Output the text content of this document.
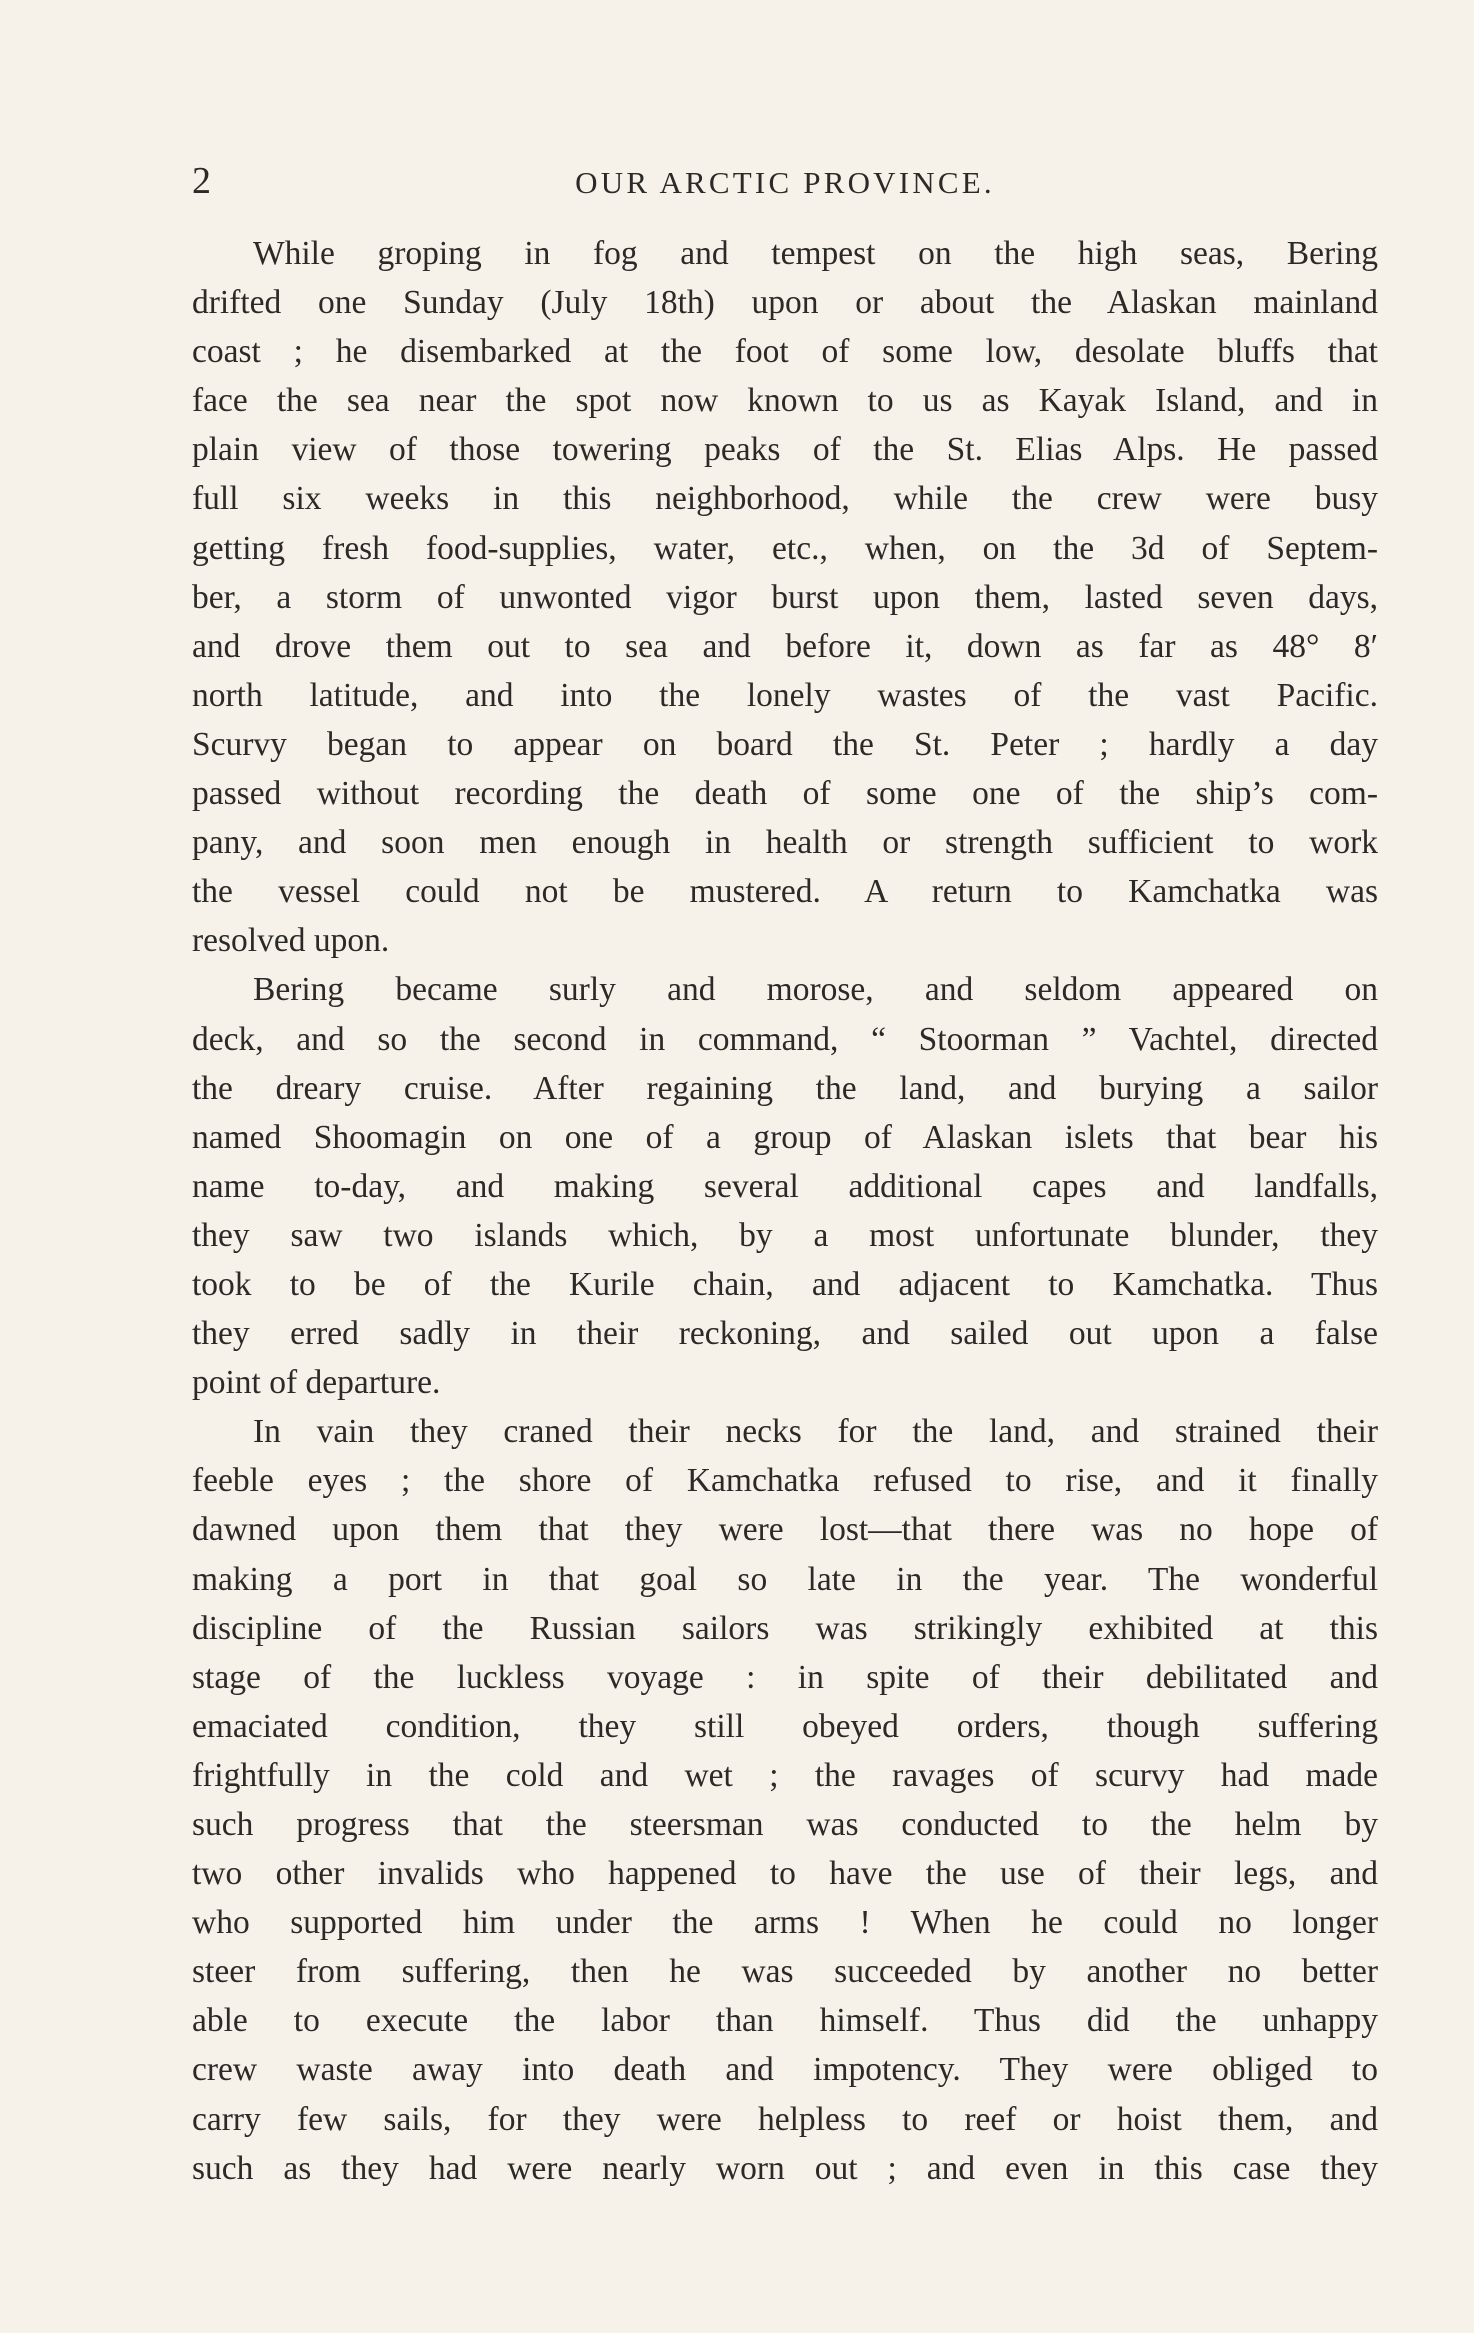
2	OUR ARCTIC PROVINCE.
While groping in fog and tempest on the high seas, Bering
drifted one Sunday (July 18th) upon or about the Alaskan mainland
coast ; he disembarked at the foot of some low, desolate bluffs that
face the sea near the spot now known to us as Kayak Island, and in
plain view of those towering peaks of the St. Elias Alps. He passed
full six weeks in this neighborhood, while the crew were busy
getting fresh food-supplies, water, etc., when, on the 3d of Septem-
ber, a storm of unwonted vigor burst upon them, lasted seven days,
and drove them out to sea and before it, down as far as 48° 8′
north latitude, and into the lonely wastes of the vast Pacific.
Scurvy began to appear on board the St. Peter ; hardly a day
passed without recording the death of some one of the ship’s com-
pany, and soon men enough in health or strength sufficient to work
the vessel could not be mustered. A return to Kamchatka was
resolved upon.
Bering became surly and morose, and seldom appeared on
deck, and so the second in command, “ Stoorman ” Vachtel, directed
the dreary cruise. After regaining the land, and burying a sailor
named Shoomagin on one of a group of Alaskan islets that bear his
name to-day, and making several additional capes and landfalls,
they saw two islands which, by a most unfortunate blunder, they
took to be of the Kurile chain, and adjacent to Kamchatka. Thus
they erred sadly in their reckoning, and sailed out upon a false
point of departure.
In vain they craned their necks for the land, and strained their
feeble eyes ; the shore of Kamchatka refused to rise, and it finally
dawned upon them that they were lost—that there was no hope of
making a port in that goal so late in the year. The wonderful
discipline of the Russian sailors was strikingly exhibited at this
stage of the luckless voyage : in spite of their debilitated and
emaciated condition, they still obeyed orders, though suffering
frightfully in the cold and wet ; the ravages of scurvy had made
such progress that the steersman was conducted to the helm by
two other invalids who happened to have the use of their legs, and
who supported him under the arms ! When he could no longer
steer from suffering, then he was succeeded by another no better
able to execute the labor than himself. Thus did the unhappy
crew waste away into death and impotency. They were obliged to
carry few sails, for they were helpless to reef or hoist them, and
such as they had were nearly worn out ; and even in this case they
